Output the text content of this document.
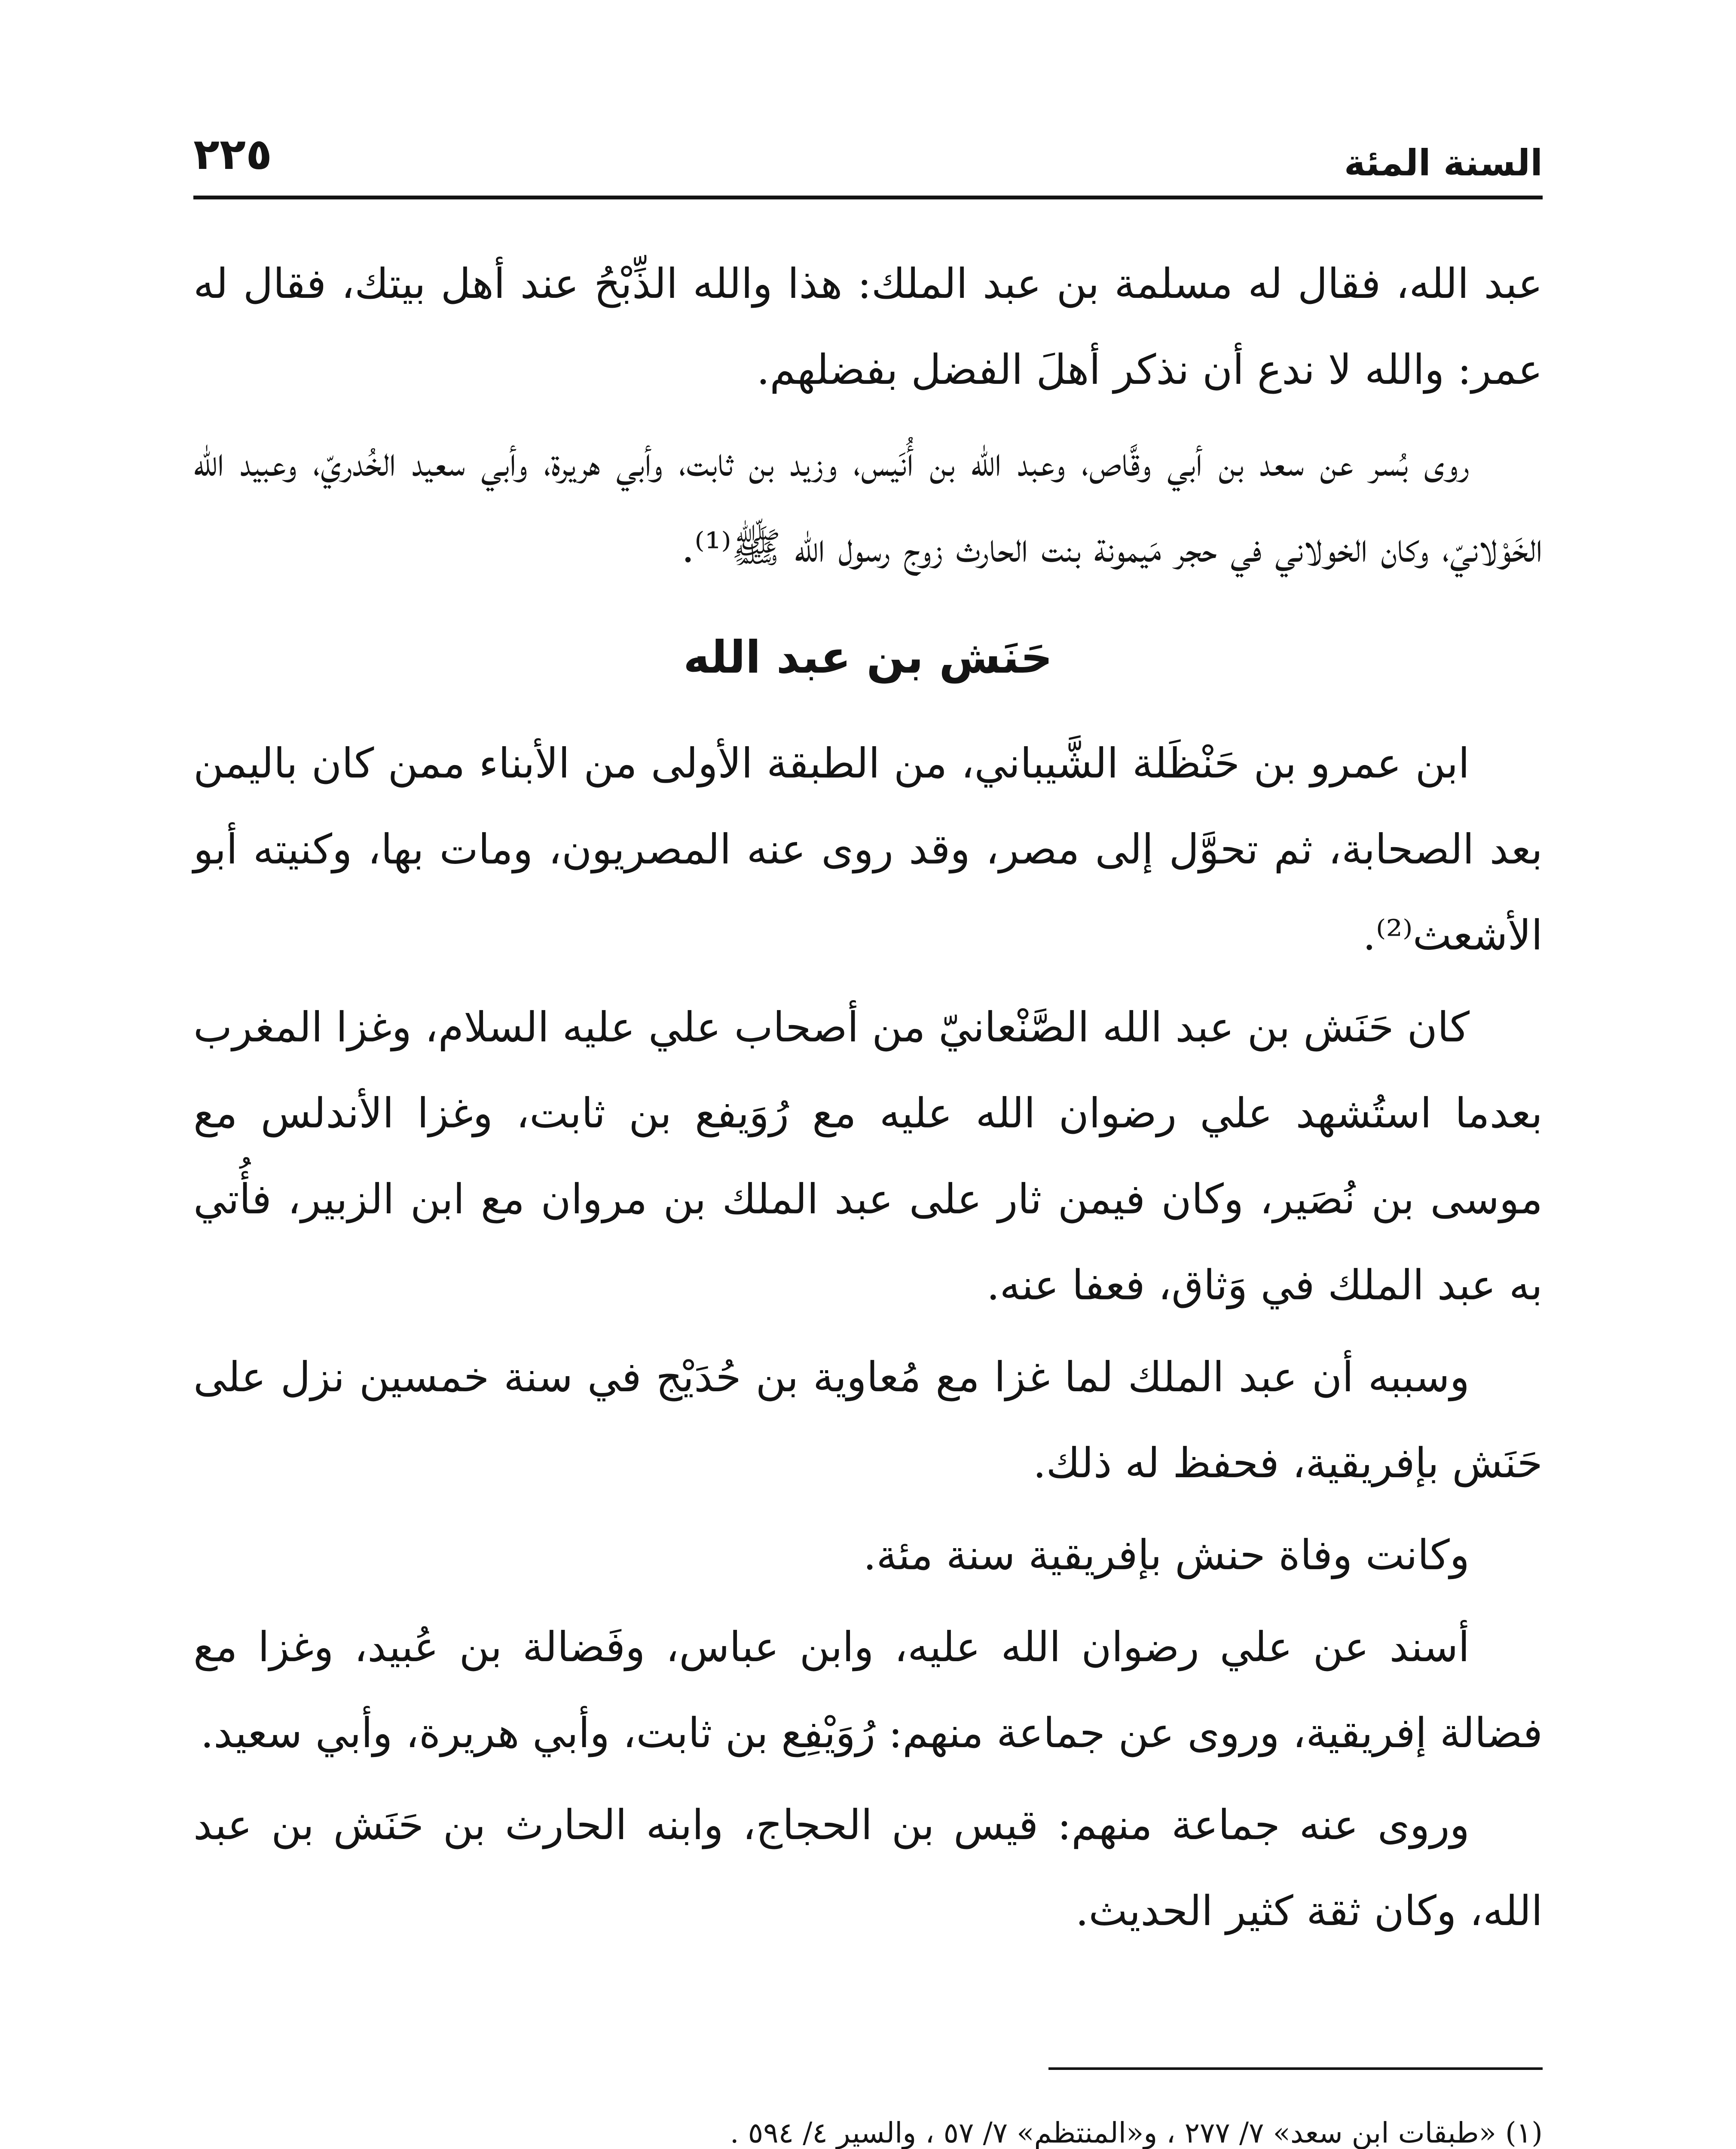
السنة المئة
٢٢٥

عبد الله، فقال له مسلمة بن عبد الملك: هذا والله الذِّبْحُ عند أهل بيتك، فقال له عمر: والله لا ندع أن نذكر أهلَ الفضل بفضلهم.

روى بُسر عن سعد بن أبي وقَّاص، وعبد الله بن أُنَيس، وزيد بن ثابت، وأبي هريرة، وأبي سعيد الخُدريّ، وعبيد الله الخَوْلانيّ، وكان الخولاني في حجر مَيمونة بنت الحارث زوج رسول الله ﷺ⁽¹⁾.

حَنَش بن عبد الله

ابن عمرو بن حَنْظَلة الشَّيباني، من الطبقة الأولى من الأبناء ممن كان باليمن بعد الصحابة، ثم تحوَّل إلى مصر، وقد روى عنه المصريون، ومات بها، وكنيته أبو الأشعث⁽²⁾.

كان حَنَش بن عبد الله الصَّنْعانيّ من أصحاب علي عليه السلام، وغزا المغرب بعدما استُشهد علي رضوان الله عليه مع رُوَيفع بن ثابت، وغزا الأندلس مع موسى بن نُصَير، وكان فيمن ثار على عبد الملك بن مروان مع ابن الزبير، فأُتي به عبد الملك في وَثاق، فعفا عنه.

وسببه أن عبد الملك لما غزا مع مُعاوية بن حُدَيْج في سنة خمسين نزل على حَنَش بإفريقية، فحفظ له ذلك.

وكانت وفاة حنش بإفريقية سنة مئة.

أسند عن علي رضوان الله عليه، وابن عباس، وفَضالة بن عُبيد، وغزا مع فضالة إفريقية، وروى عن جماعة منهم: رُوَيْفِع بن ثابت، وأبي هريرة، وأبي سعيد.

وروى عنه جماعة منهم: قيس بن الحجاج، وابنه الحارث بن حَنَش بن عبد الله، وكان ثقة كثير الحديث.

(١) «طبقات ابن سعد» ٧/ ٢٧٧ ، و«المنتظم» ٧/ ٥٧ ، والسير ٤/ ٥٩٤ .
